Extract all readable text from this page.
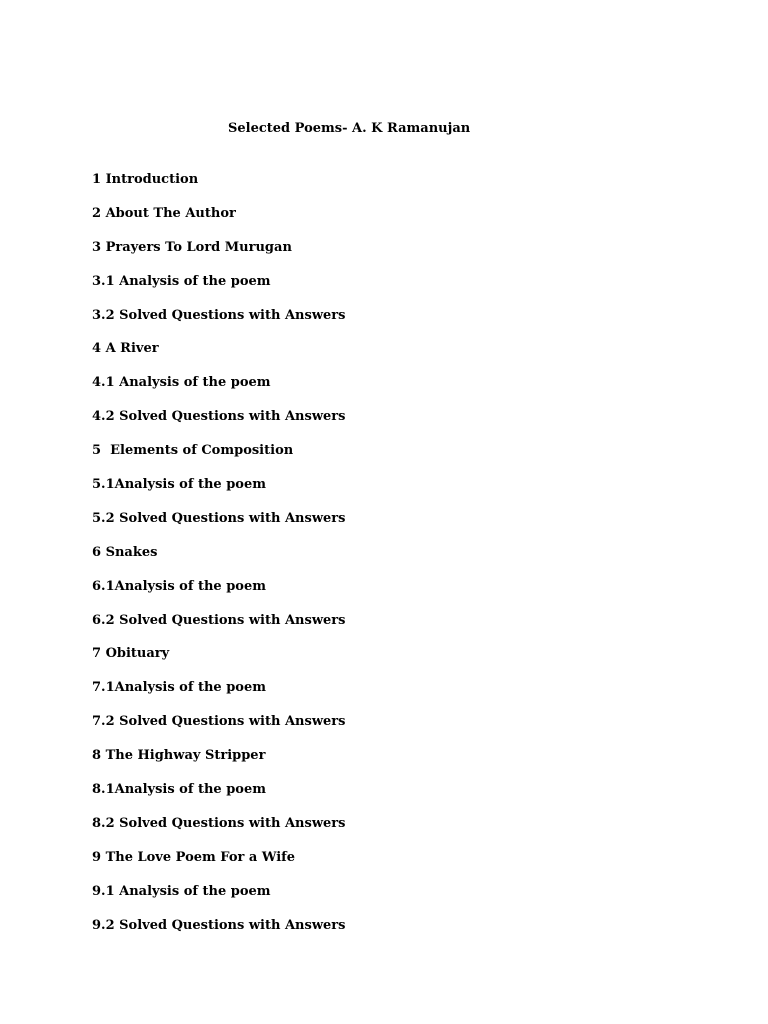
Selected Poems- A. K Ramanujan
1 Introduction
2 About The Author
3 Prayers To Lord Murugan
3.1 Analysis of the poem
3.2 Solved Questions with Answers
4 A River
4.1 Analysis of the poem
4.2 Solved Questions with Answers
5  Elements of Composition
5.1Analysis of the poem
5.2 Solved Questions with Answers
6 Snakes
6.1Analysis of the poem
6.2 Solved Questions with Answers
7 Obituary
7.1Analysis of the poem
7.2 Solved Questions with Answers
8 The Highway Stripper
8.1Analysis of the poem
8.2 Solved Questions with Answers
9 The Love Poem For a Wife
9.1 Analysis of the poem
9.2 Solved Questions with Answers
